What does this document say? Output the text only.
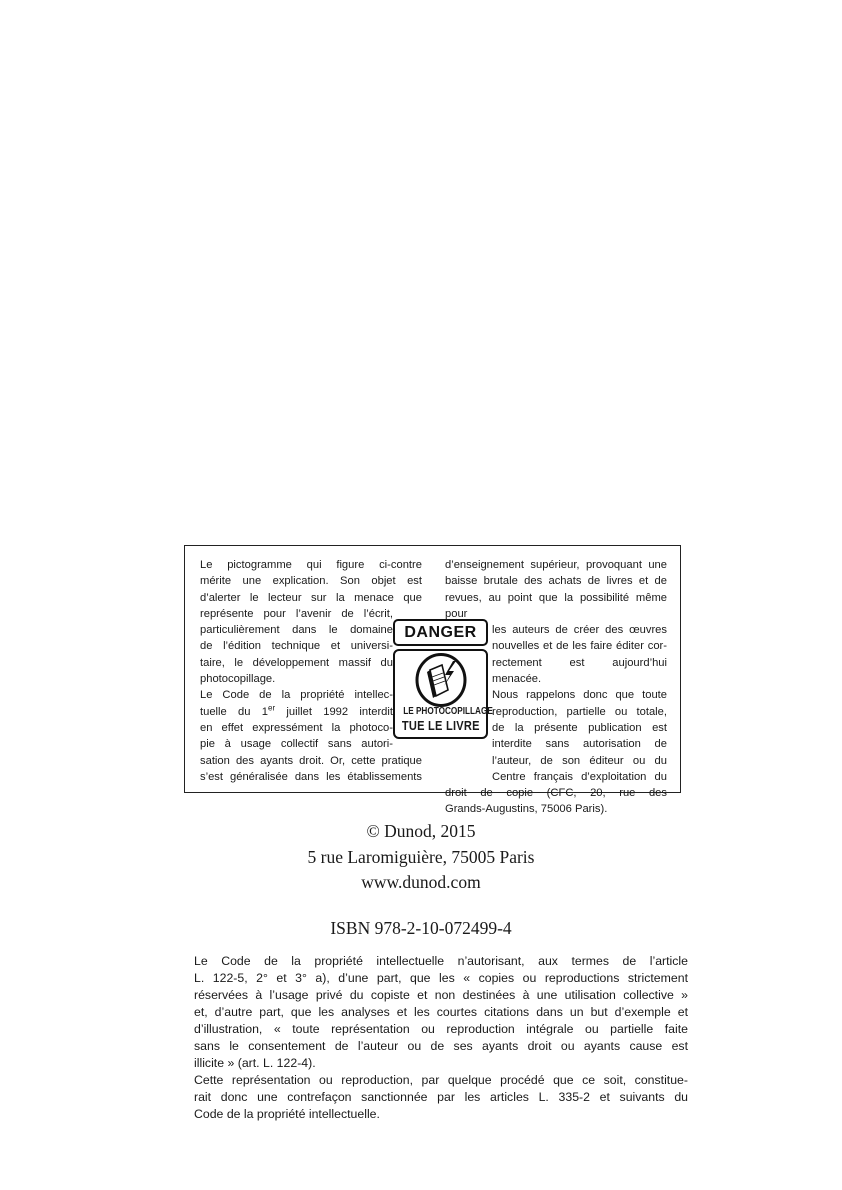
Le pictogramme qui figure ci-contre
mérite une explication. Son objet est
d’alerter le lecteur sur la menace que
représente pour l’avenir de l’écrit,
particulièrement dans le domaine
de l’édition technique et universi-
taire, le développement massif du
photocopillage.
Le Code de la propriété intellec-
tuelle du 1er juillet 1992 interdit
en effet expressément la photoco-
pie à usage collectif sans autori-
sation des ayants droit. Or, cette pratique
s’est généralisée dans les établissements
d’enseignement supérieur, provoquant une
baisse brutale des achats de livres et de
revues, au point que la possibilité même pour
les auteurs de créer des œuvres
nouvelles et de les faire éditer cor-
rectement est aujourd’hui menacée.
Nous rappelons donc que toute
reproduction, partielle ou totale,
de la présente publication est
interdite sans autorisation de
l’auteur, de son éditeur ou du
Centre français d’exploitation du
droit de copie (CFC, 20, rue des
Grands-Augustins, 75006 Paris).
DANGER
LE PHOTOCOPILLAGE
TUE LE LIVRE

© Dunod, 2015

5 rue Laromiguière, 75005 Paris

www.dunod.com

ISBN 978-2-10-072499-4

Le Code de la propriété intellectuelle n’autorisant, aux termes de l’article
L. 122-5, 2° et 3° a), d’une part, que les « copies ou reproductions strictement
réservées à l’usage privé du copiste et non destinées à une utilisation collective »
et, d’autre part, que les analyses et les courtes citations dans un but d’exemple et
d’illustration, « toute représentation ou reproduction intégrale ou partielle faite
sans le consentement de l’auteur ou de ses ayants droit ou ayants cause est
illicite » (art. L. 122-4).
Cette représentation ou reproduction, par quelque procédé que ce soit, constitue-
rait donc une contrefaçon sanctionnée par les articles L. 335-2 et suivants du
Code de la propriété intellectuelle.
